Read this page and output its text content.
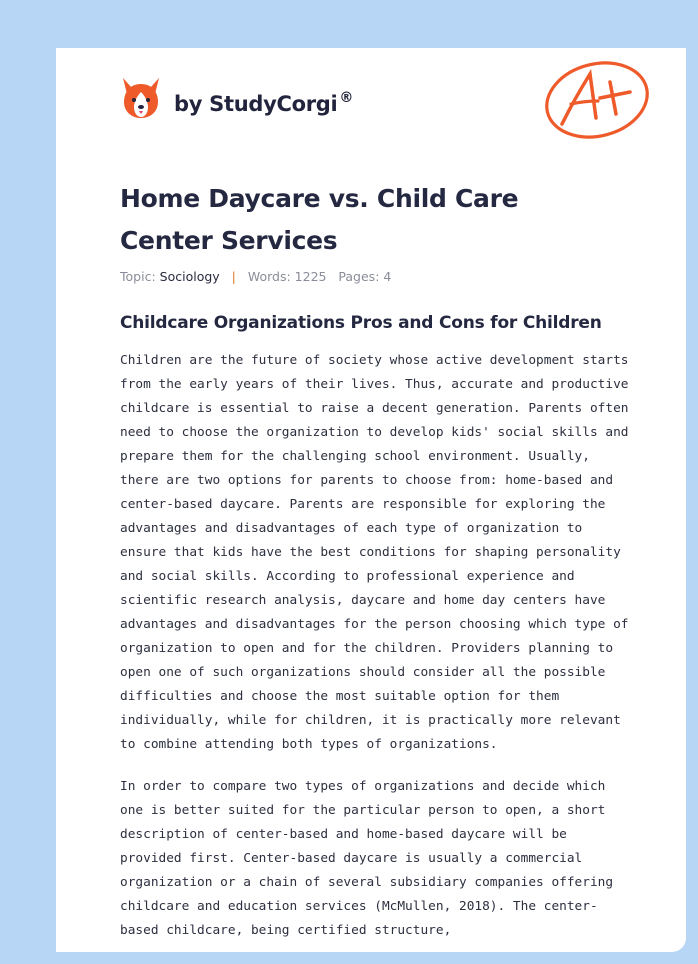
by StudyCorgi ®
Home Daycare vs. Child Care Center Services
Topic: Sociology | Words: 1225 Pages: 4
Childcare Organizations Pros and Cons for Children

Children are the future of society whose active development starts from the early years of their lives. Thus, accurate and productive childcare is essential to raise a decent generation. Parents often need to choose the organization to develop kids' social skills and prepare them for the challenging school environment. Usually, there are two options for parents to choose from: home-based and center-based daycare. Parents are responsible for exploring the advantages and disadvantages of each type of organization to ensure that kids have the best conditions for shaping personality and social skills. According to professional experience and scientific research analysis, daycare and home day centers have advantages and disadvantages for the person choosing which type of organization to open and for the children. Providers planning to open one of such organizations should consider all the possible difficulties and choose the most suitable option for them individually, while for children, it is practically more relevant to combine attending both types of organizations.

In order to compare two types of organizations and decide which one is better suited for the particular person to open, a short description of center-based and home-based daycare will be provided first. Center-based daycare is usually a commercial organization or a chain of several subsidiary companies offering childcare and education services (McMullen, 2018). The center-based childcare, being certified structure,
